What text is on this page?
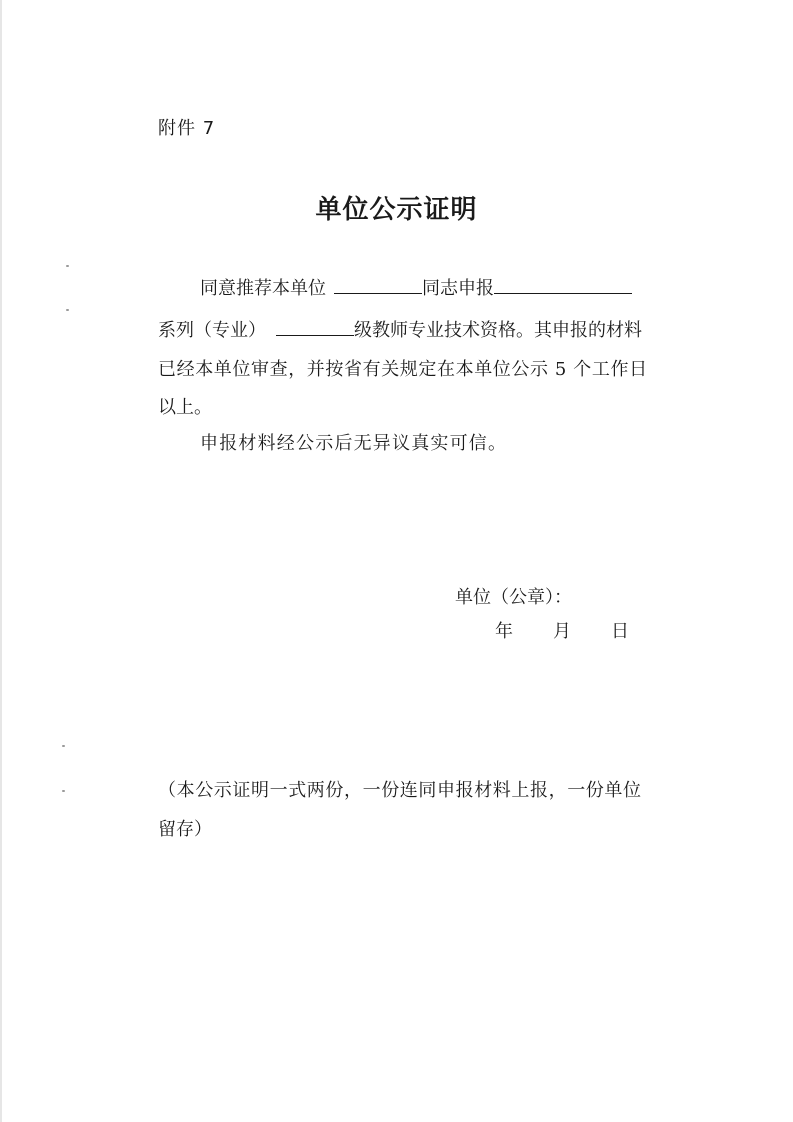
附件 7
单位公示证明
同意推荐本单位	同志申报
系列（专业）	级教师专业技术资格。其申报的材料
已经本单位审查，并按省有关规定在本单位公示 5 个工作日
以上。
申报材料经公示后无异议真实可信。
单位（公章）：
年 月 日
（本公示证明一式两份，一份连同申报材料上报，一份单位
留存）
